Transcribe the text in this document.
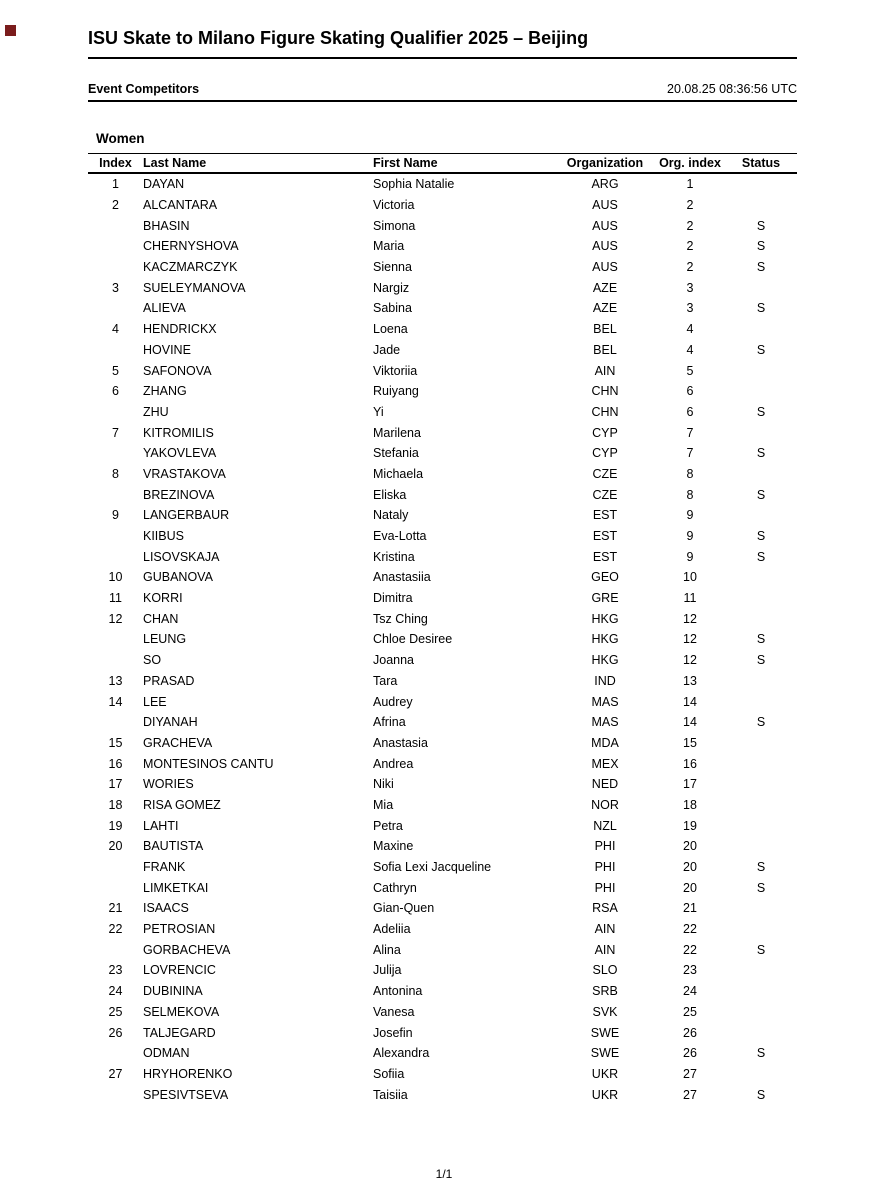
ISU Skate to Milano Figure Skating Qualifier 2025 – Beijing
Event Competitors	20.08.25 08:36:56 UTC
Women
Index	Last Name	First Name	Organization	Org. index	Status
1	DAYAN	Sophia Natalie	ARG	1	
2	ALCANTARA	Victoria	AUS	2	
	BHASIN	Simona	AUS	2	S
	CHERNYSHOVA	Maria	AUS	2	S
	KACZMARCZYK	Sienna	AUS	2	S
3	SUELEYMANOVA	Nargiz	AZE	3	
	ALIEVA	Sabina	AZE	3	S
4	HENDRICKX	Loena	BEL	4	
	HOVINE	Jade	BEL	4	S
5	SAFONOVA	Viktoriia	AIN	5	
6	ZHANG	Ruiyang	CHN	6	
	ZHU	Yi	CHN	6	S
7	KITROMILIS	Marilena	CYP	7	
	YAKOVLEVA	Stefania	CYP	7	S
8	VRASTAKOVA	Michaela	CZE	8	
	BREZINOVA	Eliska	CZE	8	S
9	LANGERBAUR	Nataly	EST	9	
	KIIBUS	Eva-Lotta	EST	9	S
	LISOVSKAJA	Kristina	EST	9	S
10	GUBANOVA	Anastasiia	GEO	10	
11	KORRI	Dimitra	GRE	11	
12	CHAN	Tsz Ching	HKG	12	
	LEUNG	Chloe Desiree	HKG	12	S
	SO	Joanna	HKG	12	S
13	PRASAD	Tara	IND	13	
14	LEE	Audrey	MAS	14	
	DIYANAH	Afrina	MAS	14	S
15	GRACHEVA	Anastasia	MDA	15	
16	MONTESINOS CANTU	Andrea	MEX	16	
17	WORIES	Niki	NED	17	
18	RISA GOMEZ	Mia	NOR	18	
19	LAHTI	Petra	NZL	19	
20	BAUTISTA	Maxine	PHI	20	
	FRANK	Sofia Lexi Jacqueline	PHI	20	S
	LIMKETKAI	Cathryn	PHI	20	S
21	ISAACS	Gian-Quen	RSA	21	
22	PETROSIAN	Adeliia	AIN	22	
	GORBACHEVA	Alina	AIN	22	S
23	LOVRENCIC	Julija	SLO	23	
24	DUBININA	Antonina	SRB	24	
25	SELMEKOVA	Vanesa	SVK	25	
26	TALJEGARD	Josefin	SWE	26	
	ODMAN	Alexandra	SWE	26	S
27	HRYHORENKO	Sofiia	UKR	27	
	SPESIVTSEVA	Taisiia	UKR	27	S
1/1
